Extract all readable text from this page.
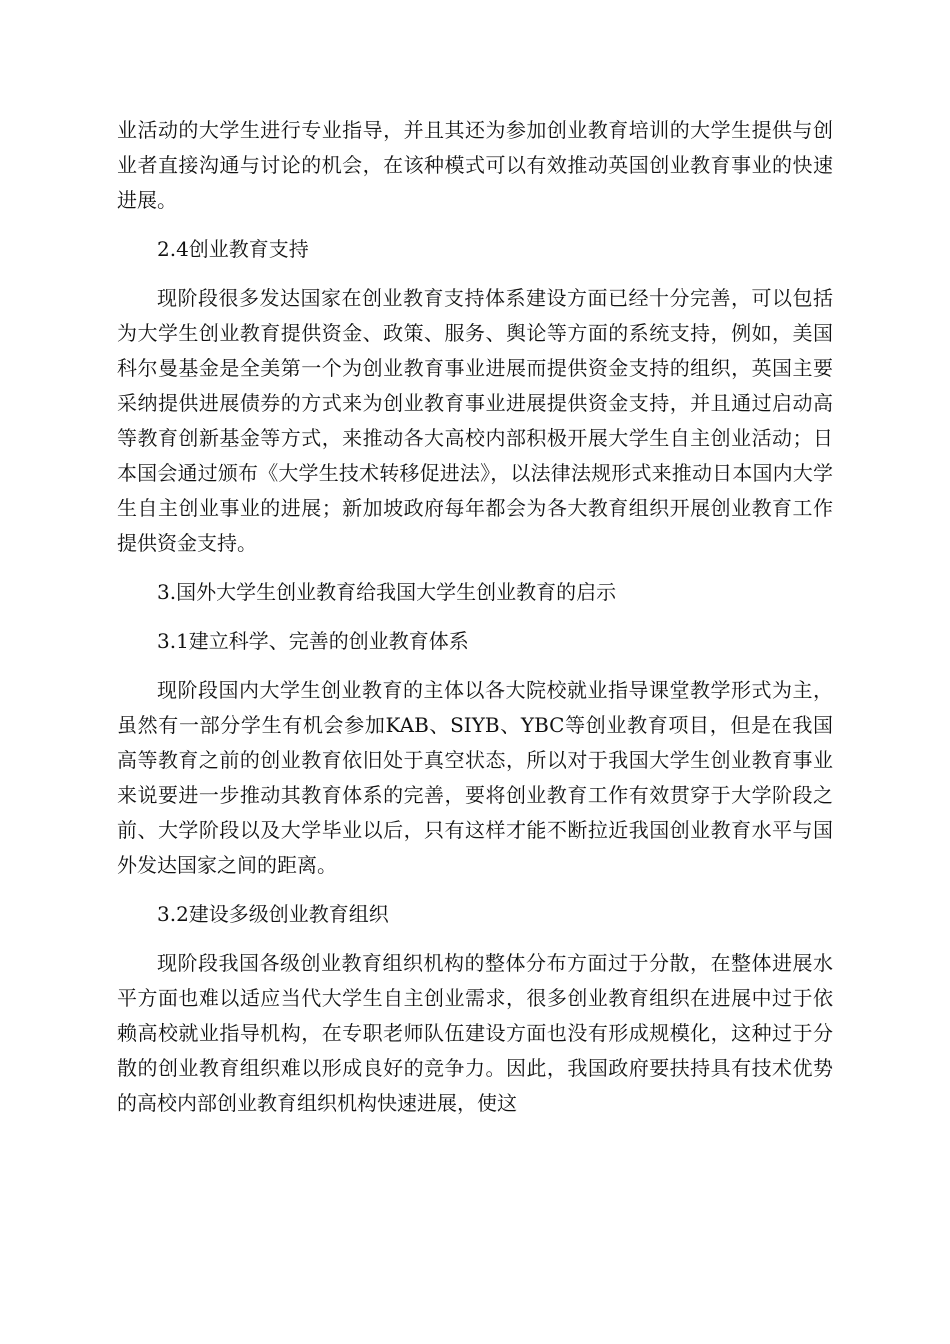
业活动的大学生进行专业指导，并且其还为参加创业教育培训的大学生提供与创业者直接沟通与讨论的机会，在该种模式可以有效推动英国创业教育事业的快速进展。

2.4创业教育支持

现阶段很多发达国家在创业教育支持体系建设方面已经十分完善，可以包括为大学生创业教育提供资金、政策、服务、舆论等方面的系统支持，例如，美国科尔曼基金是全美第一个为创业教育事业进展而提供资金支持的组织，英国主要采纳提供进展债券的方式来为创业教育事业进展提供资金支持，并且通过启动高等教育创新基金等方式，来推动各大高校内部积极开展大学生自主创业活动；日本国会通过颁布《大学生技术转移促进法》，以法律法规形式来推动日本国内大学生自主创业事业的进展；新加坡政府每年都会为各大教育组织开展创业教育工作提供资金支持。

3.国外大学生创业教育给我国大学生创业教育的启示

3.1建立科学、完善的创业教育体系

现阶段国内大学生创业教育的主体以各大院校就业指导课堂教学形式为主，虽然有一部分学生有机会参加KAB、SIYB、YBC等创业教育项目，但是在我国高等教育之前的创业教育依旧处于真空状态，所以对于我国大学生创业教育事业来说要进一步推动其教育体系的完善，要将创业教育工作有效贯穿于大学阶段之前、大学阶段以及大学毕业以后，只有这样才能不断拉近我国创业教育水平与国外发达国家之间的距离。

3.2建设多级创业教育组织

现阶段我国各级创业教育组织机构的整体分布方面过于分散，在整体进展水平方面也难以适应当代大学生自主创业需求，很多创业教育组织在进展中过于依赖高校就业指导机构，在专职老师队伍建设方面也没有形成规模化，这种过于分散的创业教育组织难以形成良好的竞争力。因此，我国政府要扶持具有技术优势的高校内部创业教育组织机构快速进展，使这
